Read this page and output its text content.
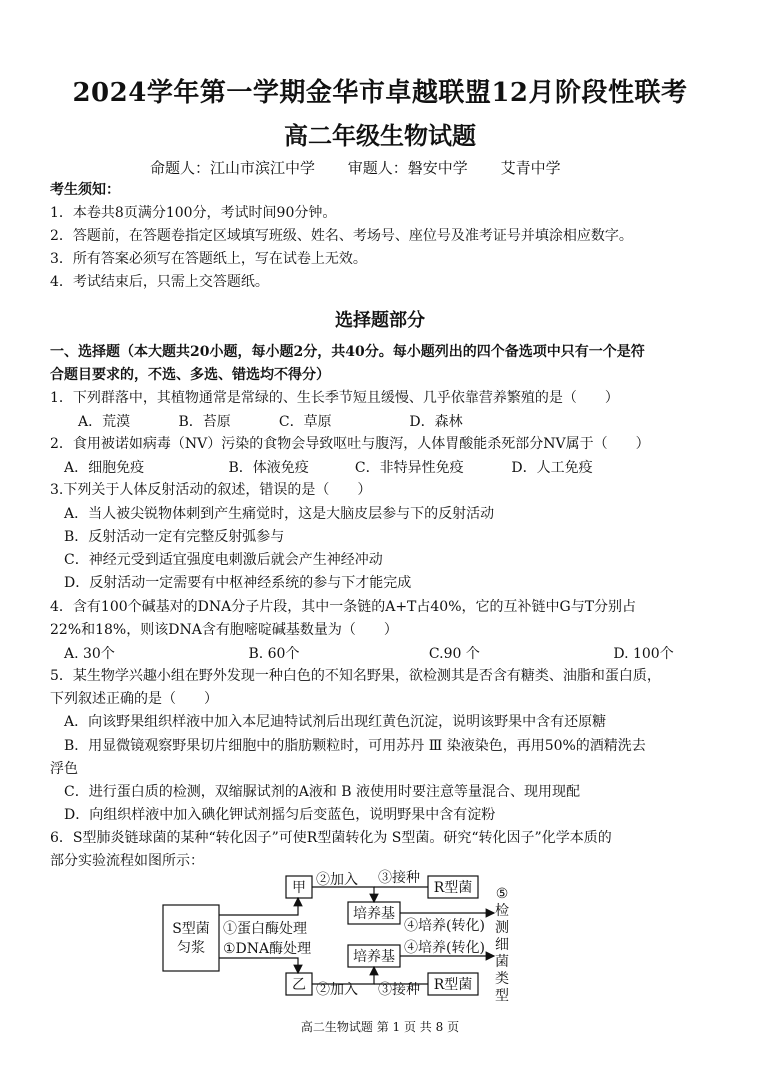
2024学年第一学期金华市卓越联盟12月阶段性联考
高二年级生物试题
命题人：江山市滨江中学 审题人：磐安中学 艾青中学
考生须知：
1．本卷共8页满分100分，考试时间90分钟。
2．答题前，在答题卷指定区域填写班级、姓名、考场号、座位号及准考证号并填涂相应数字。
3．所有答案必须写在答题纸上，写在试卷上无效。
4．考试结束后，只需上交答题纸。
选择题部分
一、选择题（本大题共20小题，每小题2分，共40分。每小题列出的四个备选项中只有一个是符
合题目要求的，不选、多选、错选均不得分）
1．下列群落中，其植物通常是常绿的、生长季节短且缓慢、几乎依靠营养繁殖的是（　　）
A．荒漠	B．苔原	C．草原	D．森林
2．食用被诺如病毒（NV）污染的食物会导致呕吐与腹泻，人体胃酸能杀死部分NV属于（　　）
A．细胞免疫	B．体液免疫	C．非特异性免疫	D．人工免疫
3.下列关于人体反射活动的叙述，错误的是（　　）
A．当人被尖锐物体刺到产生痛觉时，这是大脑皮层参与下的反射活动
B．反射活动一定有完整反射弧参与
C．神经元受到适宜强度电刺激后就会产生神经冲动
D．反射活动一定需要有中枢神经系统的参与下才能完成
4．含有100个碱基对的DNA分子片段，其中一条链的A+T占40%，它的互补链中G与T分别占
22%和18%，则该DNA含有胞嘧啶碱基数量为（　　）
A. 30个	B. 60个	C.90 个	D. 100个
5．某生物学兴趣小组在野外发现一种白色的不知名野果，欲检测其是否含有糖类、油脂和蛋白质，
下列叙述正确的是（　　）
A．向该野果组织样液中加入本尼迪特试剂后出现红黄色沉淀，说明该野果中含有还原糖
B．用显微镜观察野果切片细胞中的脂肪颗粒时，可用苏丹 Ⅲ 染液染色，再用50%的酒精洗去
浮色
C．进行蛋白质的检测，双缩脲试剂的A液和 B 液使用时要注意等量混合、现用现配
D．向组织样液中加入碘化钾试剂摇匀后变蓝色，说明野果中含有淀粉
6．S型肺炎链球菌的某种“转化因子”可使R型菌转化为 S型菌。研究“转化因子”化学本质的
部分实验流程如图所示：
S型菌
匀浆
①蛋白酶处理
①DNA酶处理
甲
乙
②加入
②加入
③接种
③接种
培养基
培养基
R型菌
R型菌
④培养(转化)
④培养(转化)
⑤
检
测
细
菌
类
型
高二生物试题 第 1 页 共 8 页
